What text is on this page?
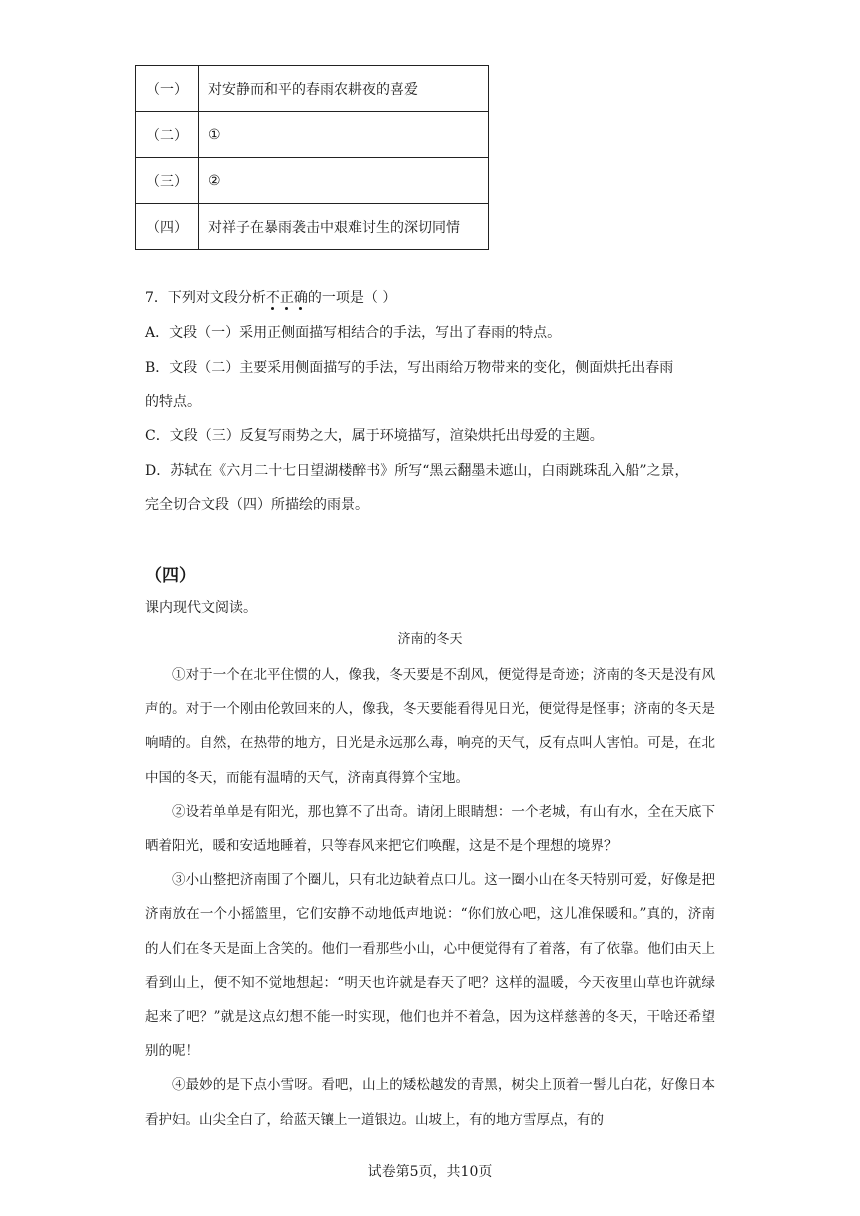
（一）	对安静而和平的春雨农耕夜的喜爱
（二）	①
（三）	②
（四）	对祥子在暴雨袭击中艰难讨生的深切同情
7．下列对文段分析不正确的一项是（ ）
A．文段（一）采用正侧面描写相结合的手法，写出了春雨的特点。
B．文段（二）主要采用侧面描写的手法，写出雨给万物带来的变化，侧面烘托出春雨
的特点。
C．文段（三）反复写雨势之大，属于环境描写，渲染烘托出母爱的主题。
D．苏轼在《六月二十七日望湖楼醉书》所写“黑云翻墨未遮山，白雨跳珠乱入船”之景，
完全切合文段（四）所描绘的雨景。
（四）
课内现代文阅读。
济南的冬天

①对于一个在北平住惯的人，像我，冬天要是不刮风，便觉得是奇迹；济南的冬天是没有风声的。对于一个刚由伦敦回来的人，像我，冬天要能看得见日光，便觉得是怪事；济南的冬天是响晴的。自然，在热带的地方，日光是永远那么毒，响亮的天气，反有点叫人害怕。可是，在北中国的冬天，而能有温晴的天气，济南真得算个宝地。

②设若单单是有阳光，那也算不了出奇。请闭上眼睛想：一个老城，有山有水，全在天底下晒着阳光，暖和安适地睡着，只等春风来把它们唤醒，这是不是个理想的境界？

③小山整把济南围了个圈儿，只有北边缺着点口儿。这一圈小山在冬天特别可爱，好像是把济南放在一个小摇篮里，它们安静不动地低声地说：“你们放心吧，这儿准保暖和。”真的，济南的人们在冬天是面上含笑的。他们一看那些小山，心中便觉得有了着落，有了依靠。他们由天上看到山上，便不知不觉地想起：“明天也许就是春天了吧？这样的温暖，今天夜里山草也许就绿起来了吧？”就是这点幻想不能一时实现，他们也并不着急，因为这样慈善的冬天，干啥还希望别的呢！

④最妙的是下点小雪呀。看吧，山上的矮松越发的青黑，树尖上顶着一髻儿白花，好像日本看护妇。山尖全白了，给蓝天镶上一道银边。山坡上，有的地方雪厚点，有的

试卷第5页，共10页
